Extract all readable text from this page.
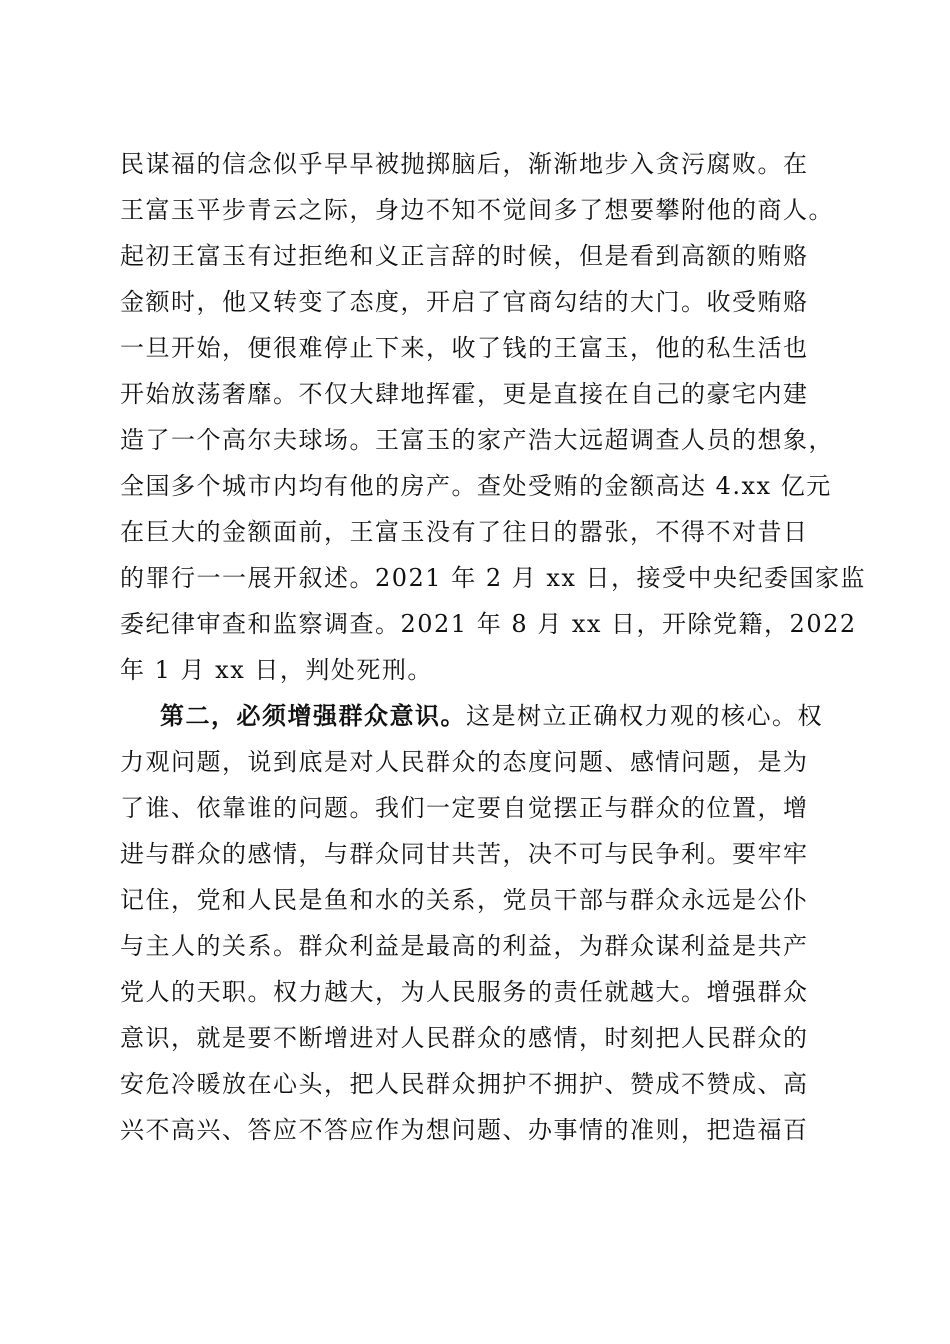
民谋福的信念似乎早早被抛掷脑后，渐渐地步入贪污腐败。在
王富玉平步青云之际，身边不知不觉间多了想要攀附他的商人。
起初王富玉有过拒绝和义正言辞的时候，但是看到高额的贿赂
金额时，他又转变了态度，开启了官商勾结的大门。收受贿赂
一旦开始，便很难停止下来，收了钱的王富玉，他的私生活也
开始放荡奢靡。不仅大肆地挥霍，更是直接在自己的豪宅内建
造了一个高尔夫球场。王富玉的家产浩大远超调查人员的想象，
全国多个城市内均有他的房产。查处受贿的金额高达 4.xx 亿元
在巨大的金额面前，王富玉没有了往日的嚣张，不得不对昔日
的罪行一一展开叙述。2021 年 2 月 xx 日，接受中央纪委国家监
委纪律审查和监察调查。2021 年 8 月 xx 日，开除党籍，2022
年 1 月 xx 日，判处死刑。
第二，必须增强群众意识。这是树立正确权力观的核心。权
力观问题，说到底是对人民群众的态度问题、感情问题，是为
了谁、依靠谁的问题。我们一定要自觉摆正与群众的位置，增
进与群众的感情，与群众同甘共苦，决不可与民争利。要牢牢
记住，党和人民是鱼和水的关系，党员干部与群众永远是公仆
与主人的关系。群众利益是最高的利益，为群众谋利益是共产
党人的天职。权力越大，为人民服务的责任就越大。增强群众
意识，就是要不断增进对人民群众的感情，时刻把人民群众的
安危冷暖放在心头，把人民群众拥护不拥护、赞成不赞成、高
兴不高兴、答应不答应作为想问题、办事情的准则，把造福百
